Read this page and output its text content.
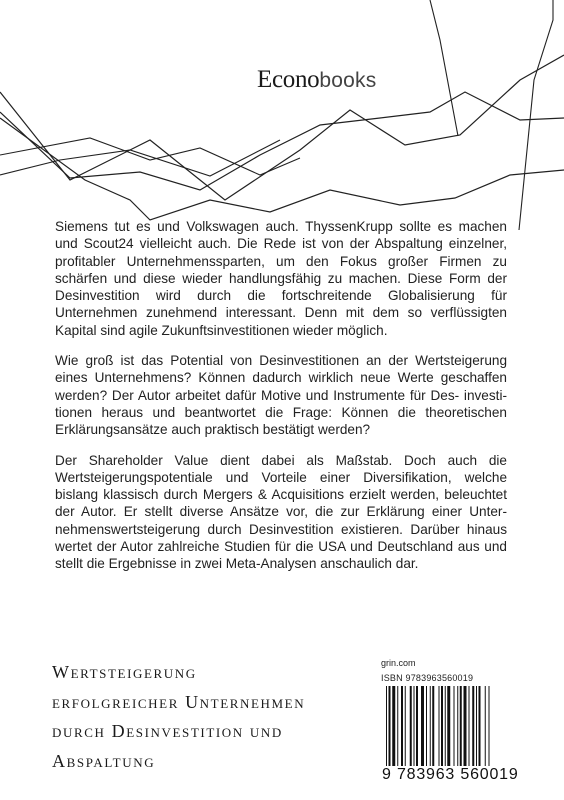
Econobooks

Siemens tut es und Volkswagen auch. ThyssenKrupp sollte es machen und Scout24 vielleicht auch. Die Rede ist von der Abspaltung einzelner, profitabler Unternehmenssparten, um den Fokus großer Firmen zu schärfen und diese wieder handlungsfähig zu machen. Diese Form der Desinvestition wird durch die fortschreitende Globalisierung für Unternehmen zunehmend interessant. Denn mit dem so verflüssigten Kapital sind agile Zukunftsinvestitionen wieder möglich.

Wie groß ist das Potential von Desinvestitionen an der Wertsteigerung eines Unternehmens? Können dadurch wirklich neue Werte geschaffen werden? Der Autor arbeitet dafür Motive und Instrumente für Des- investitionen heraus und beantwortet die Frage: Können die theoretischen Erklärungsansätze auch praktisch bestätigt werden?

Der Shareholder Value dient dabei als Maßstab. Doch auch die Wertsteigerungspotentiale und Vorteile einer Diversifikation, welche bislang klassisch durch Mergers & Acquisitions erzielt werden, beleuchtet der Autor. Er stellt diverse Ansätze vor, die zur Erklärung einer Unternehmenswertsteigerung durch Desinvestition existieren. Darüber hinaus wertet der Autor zahlreiche Studien für die USA und Deutschland aus und stellt die Ergebnisse in zwei Meta-Analysen anschaulich dar.

Wertsteigerung
erfolgreicher Unternehmen
durch Desinvestition und
Abspaltung
grin.com
ISBN 9783963560019
9 783963 560019
